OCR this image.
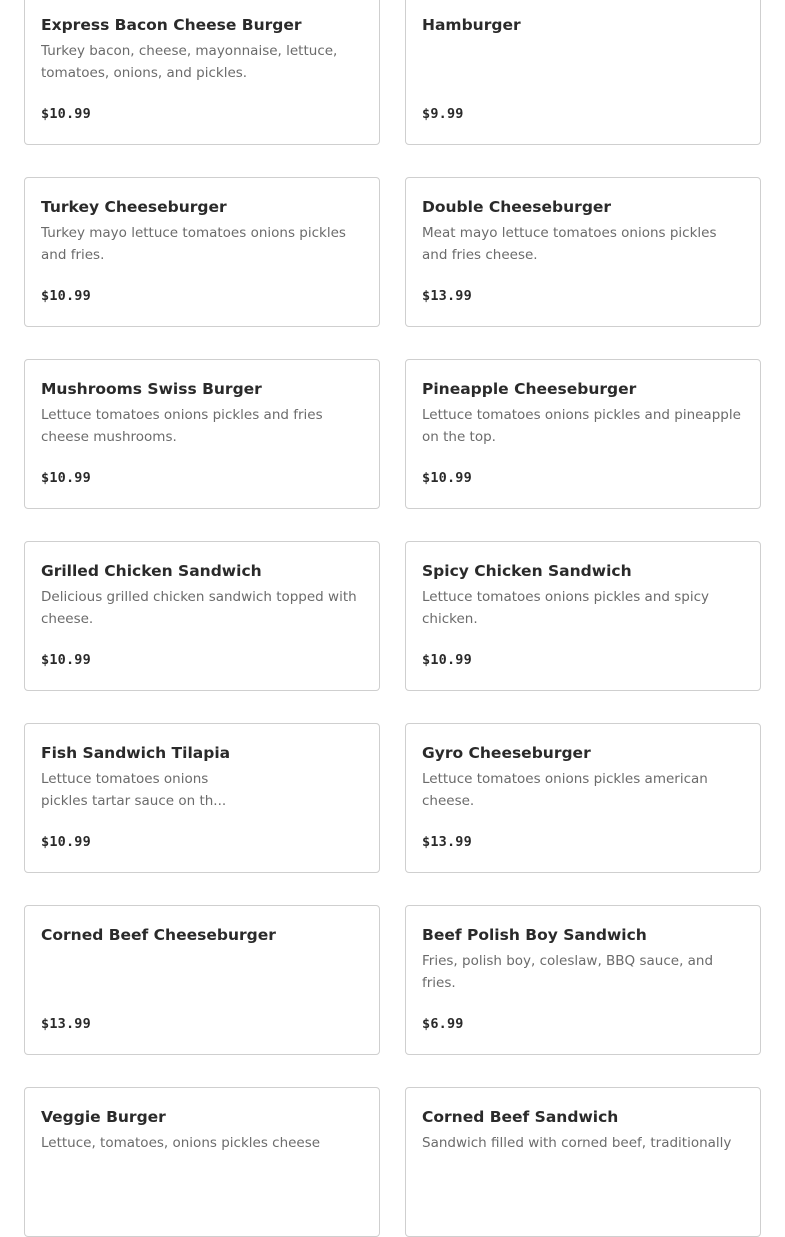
Express Bacon Cheese Burger
Turkey bacon, cheese, mayonnaise, lettuce, tomatoes, onions, and pickles.
$10.99
Hamburger
$9.99
Turkey Cheeseburger
Turkey mayo lettuce tomatoes onions pickles and fries.
$10.99
Double Cheeseburger
Meat mayo lettuce tomatoes onions pickles and fries cheese.
$13.99
Mushrooms Swiss Burger
Lettuce tomatoes onions pickles and fries cheese mushrooms.
$10.99
Pineapple Cheeseburger
Lettuce tomatoes onions pickles and pineapple on the top.
$10.99
Grilled Chicken Sandwich
Delicious grilled chicken sandwich topped with cheese.
$10.99
Spicy Chicken Sandwich
Lettuce tomatoes onions pickles and spicy chicken.
$10.99
Fish Sandwich Tilapia
Lettuce tomatoes onions pickles tartar sauce on th...
$10.99
Gyro Cheeseburger
Lettuce tomatoes onions pickles american cheese.
$13.99
Corned Beef Cheeseburger
$13.99
Beef Polish Boy Sandwich
Fries, polish boy, coleslaw, BBQ sauce, and fries.
$6.99
Veggie Burger
Lettuce, tomatoes, onions pickles cheese
Corned Beef Sandwich
Sandwich filled with corned beef, traditionally
